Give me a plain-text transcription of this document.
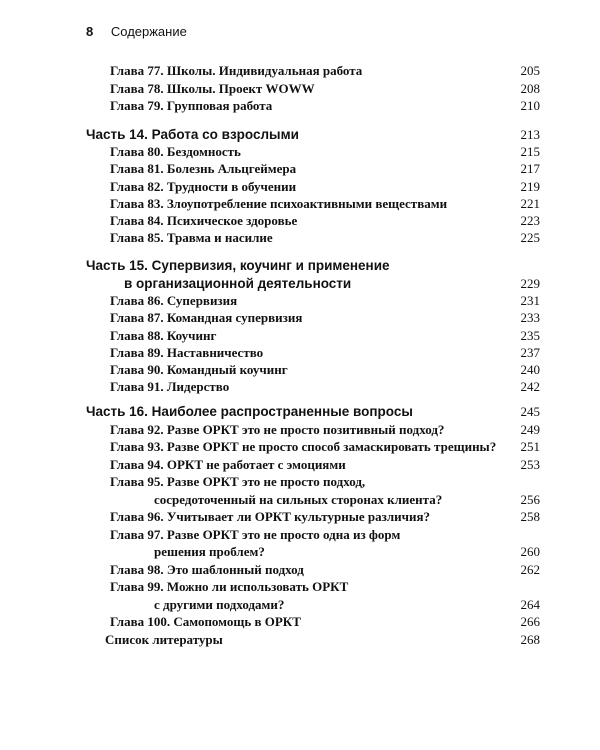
8 Содержание
Глава 77. Школы. Индивидуальная работа	205
Глава 78. Школы. Проект WOWW	208
Глава 79. Групповая работа	210
Часть 14. Работа со взрослыми	213
Глава 80. Бездомность	215
Глава 81. Болезнь Альцгеймера	217
Глава 82. Трудности в обучении	219
Глава 83. Злоупотребление психоактивными веществами	221
Глава 84. Психическое здоровье	223
Глава 85. Травма и насилие	225
Часть 15. Супервизия, коучинг и применение
в организационной деятельности	229
Глава 86. Супервизия	231
Глава 87. Командная супервизия	233
Глава 88. Коучинг	235
Глава 89. Наставничество	237
Глава 90. Командный коучинг	240
Глава 91. Лидерство	242
Часть 16. Наиболее распространенные вопросы	245
Глава 92. Разве ОРКТ это не просто позитивный подход?	249
Глава 93. Разве ОРКТ не просто способ замаскировать трещины? 251
Глава 94. ОРКТ не работает с эмоциями	253
Глава 95. Разве ОРКТ это не просто подход,
сосредоточенный на сильных сторонах клиента?	256
Глава 96. Учитывает ли ОРКТ культурные различия?	258
Глава 97. Разве ОРКТ это не просто одна из форм
решения проблем?	260
Глава 98. Это шаблонный подход	262
Глава 99. Можно ли использовать ОРКТ
с другими подходами?	264
Глава 100. Самопомощь в ОРКТ	266
Список литературы	268
